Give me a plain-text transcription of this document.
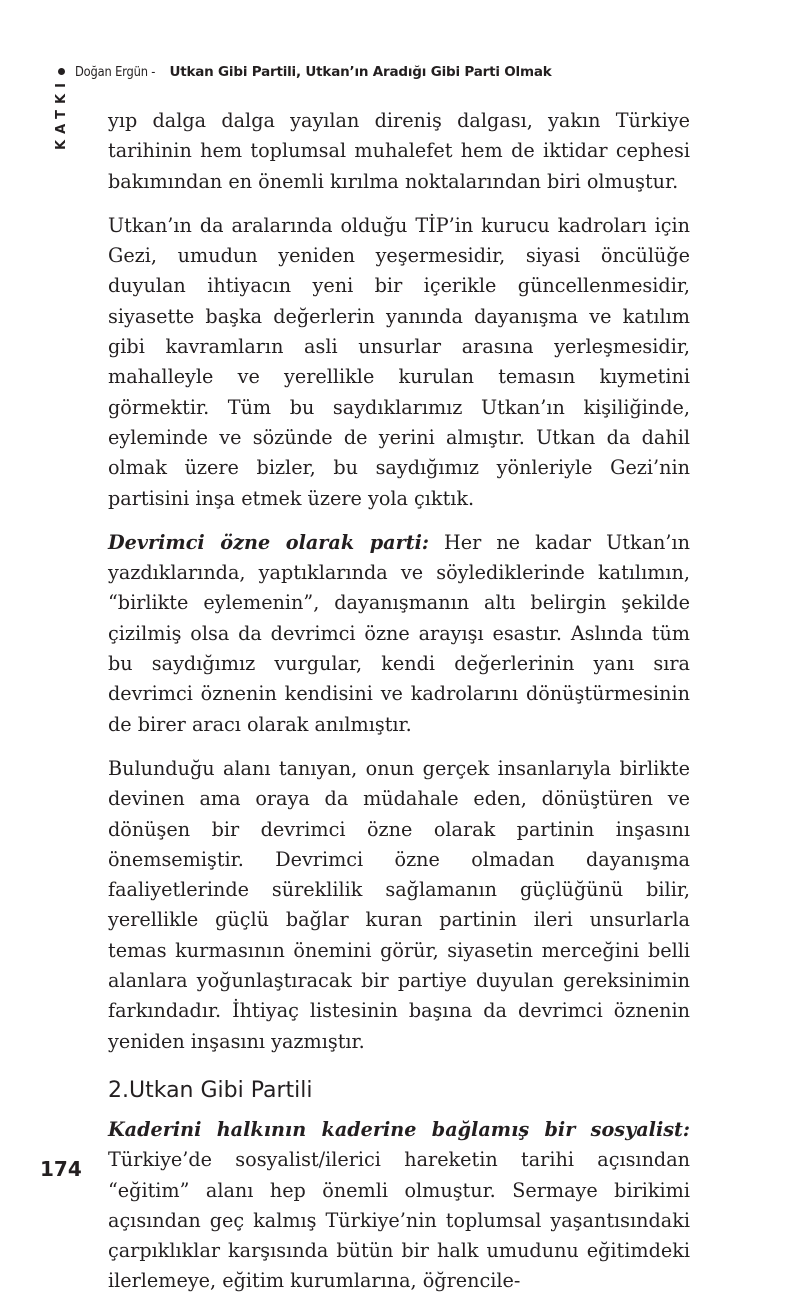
Doğan Ergün -Utkan Gibi Partili, Utkan’ın Aradığı Gibi Parti Olmak
KATKI yıp dalga dalga yayılan direniş dalgası, yakın Türkiye tarihinin hem toplumsal muhalefet hem de iktidar cephesi bakımından en önemli kırılma noktalarından biri olmuştur.

Utkan’ın da aralarında olduğu TİP’in kurucu kadroları için Gezi, umudun yeniden yeşermesidir, siyasi öncülüğe duyulan ihtiyacın yeni bir içerikle güncellenmesidir, siyasette başka değerlerin yanında dayanışma ve katılım gibi kavramların asli unsurlar arasına yerleşmesidir, mahalleyle ve yerellikle kurulan temasın kıymetini görmektir. Tüm bu saydıklarımız Utkan’ın kişiliğinde, eyleminde ve sözünde de yerini almıştır. Utkan da dahil olmak üzere bizler, bu saydığımız yönleriyle Gezi’nin partisini inşa etmek üzere yola çıktık.

Devrimci özne olarak parti: Her ne kadar Utkan’ın yazdıklarında, yaptıklarında ve söylediklerinde katılımın, “birlikte eylemenin”, dayanışmanın altı belirgin şekilde çizilmiş olsa da devrimci özne arayışı esastır. Aslında tüm bu saydığımız vurgular, kendi değerlerinin yanı sıra devrimci öznenin kendisini ve kadrolarını dönüştürmesinin de birer aracı olarak anılmıştır.

Bulunduğu alanı tanıyan, onun gerçek insanlarıyla birlikte devinen ama oraya da müdahale eden, dönüştüren ve dönüşen bir devrimci özne olarak partinin inşasını önemsemiştir. Devrimci özne olmadan dayanışma faaliyetlerinde süreklilik sağlamanın güçlüğünü bilir, yerellikle güçlü bağlar kuran partinin ileri unsurlarla temas kurmasının önemini görür, siyasetin merceğini belli alanlara yoğunlaştıracak bir partiye duyulan gereksinimin farkındadır. İhtiyaç listesinin başına da devrimci öznenin yeniden inşasını yazmıştır.

2.Utkan Gibi Partili

Kaderini halkının kaderine bağlamış bir sosyalist: Türkiye’de sosyalist/ilerici hareketin tarihi açısından “eğitim” alanı hep önemli olmuştur. Sermaye birikimi açısından geç kalmış Türkiye’nin toplumsal yaşantısındaki çarpıklıklar karşısında bütün bir halk umudunu eğitimdeki ilerlemeye, eğitim kurumlarına, öğrencile-

174
